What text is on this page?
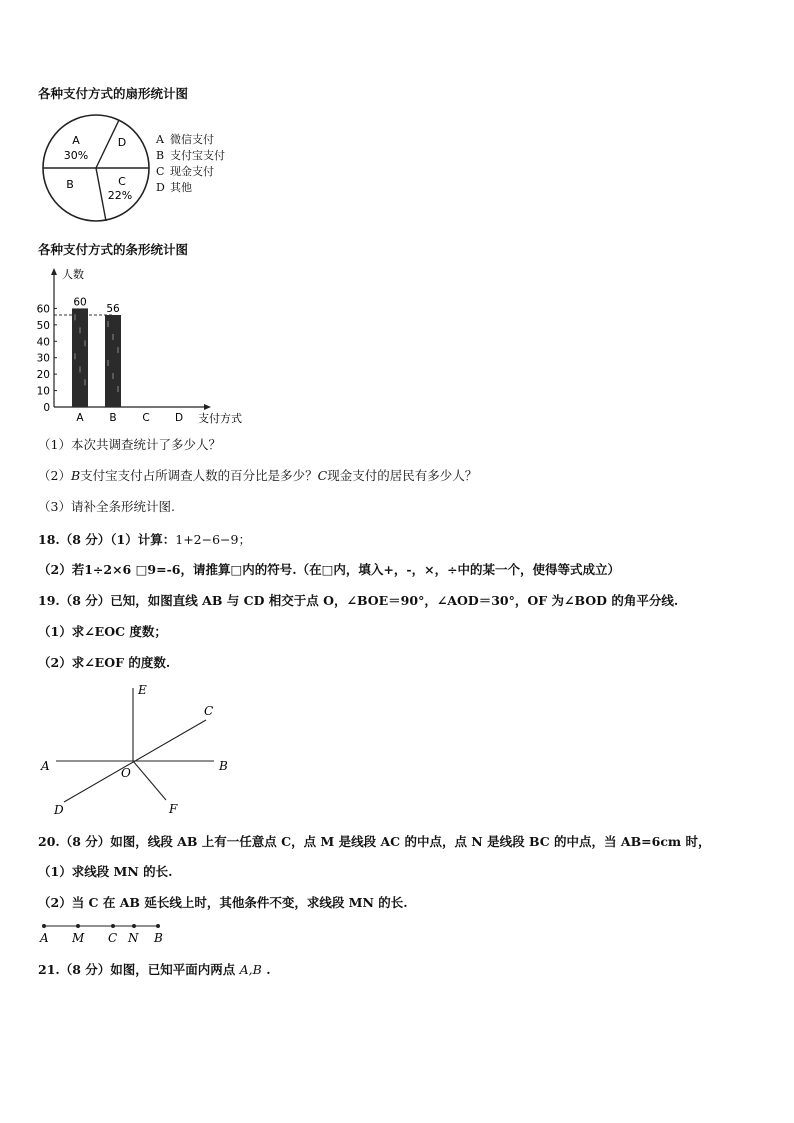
各种支付方式的扇形统计图
A
30%
D
C
22%
B
A 微信支付
B 支付宝支付
C 现金支付
D 其他
各种支付方式的条形统计图
人数
支付方式
0
10
20
30
40
50
60
60
A
56
B C D
（1）本次共调查统计了多少人？
（2）B支付宝支付占所调查人数的百分比是多少？C现金支付的居民有多少人？
（3）请补全条形统计图.
18.（8 分）（1）计算：1+2−6−9；
（2）若1÷2×6 □9=-6，请推算□内的符号.（在□内，填入+，-，×，÷中的某一个，使得等式成立）
19.（8 分）已知，如图直线 AB 与 CD 相交于点 O，∠BOE＝90°，∠AOD＝30°，OF 为∠BOD 的角平分线.
（1）求∠EOC 度数；
（2）求∠EOF 的度数.
E
C
A	O	B
D	F
20.（8 分）如图，线段 AB 上有一任意点 C，点 M 是线段 AC 的中点，点 N 是线段 BC 的中点，当 AB=6cm 时，
（1）求线段 MN 的长.
（2）当 C 在 AB 延长线上时，其他条件不变，求线段 MN 的长.
A M C N B
21.（8 分）如图，已知平面内两点 A,B .
